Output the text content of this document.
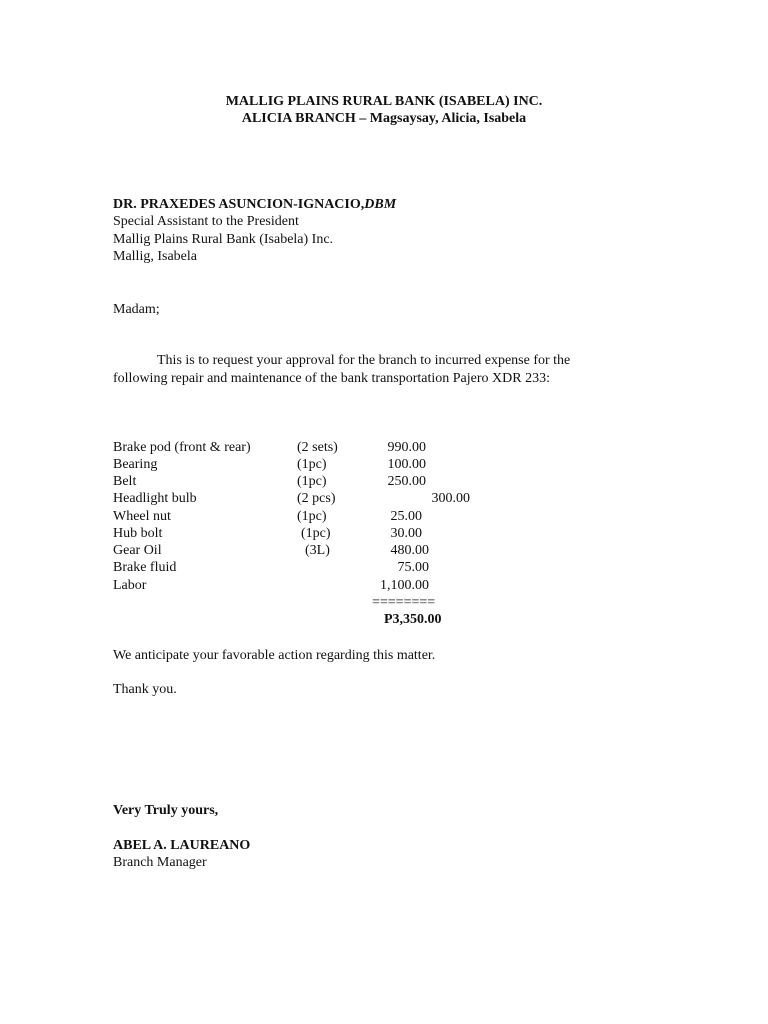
MALLIG PLAINS RURAL BANK (ISABELA) INC.
ALICIA BRANCH – Magsaysay, Alicia, Isabela
DR. PRAXEDES ASUNCION-IGNACIO,DBM
Special Assistant to the President
Mallig Plains Rural Bank (Isabela) Inc.
Mallig, Isabela
Madam;
This is to request your approval for the branch to incurred expense for the
following repair and maintenance of the bank transportation Pajero XDR 233:
Brake pod (front & rear)	(2 sets)	990.00
Bearing	(1pc)	100.00
Belt	(1pc)	250.00
Headlight bulb	(2 pcs)	300.00
Wheel nut	(1pc)	25.00
Hub bolt	(1pc)	30.00
Gear Oil	(3L)	480.00
Brake fluid	75.00
Labor	1,100.00
========
P3,350.00
We anticipate your favorable action regarding this matter.
Thank you.
Very Truly yours,
ABEL A. LAUREANO
Branch Manager
